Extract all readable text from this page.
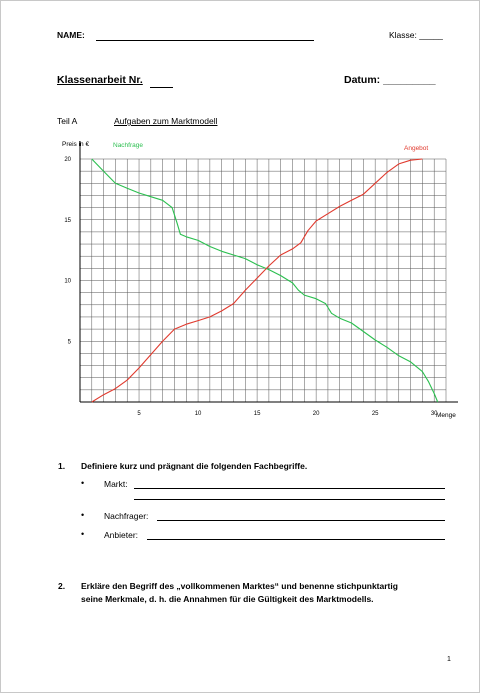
NAME:	Klasse: _____
Klassenarbeit Nr.	Datum: _________
Teil A	Aufgaben zum Marktmodell
5	10	15	20	25	30
5
10
15
20
Preis in €
Menge
Nachfrage	Angebot
1. Definiere kurz und prägnant die folgenden Fachbegriffe.
• Markt:
• Nachfrager:
• Anbieter:
2. Erkläre den Begriff des „vollkommenen Marktes“ und benenne stichpunktartig
seine Merkmale, d. h. die Annahmen für die Gültigkeit des Marktmodells.
1
